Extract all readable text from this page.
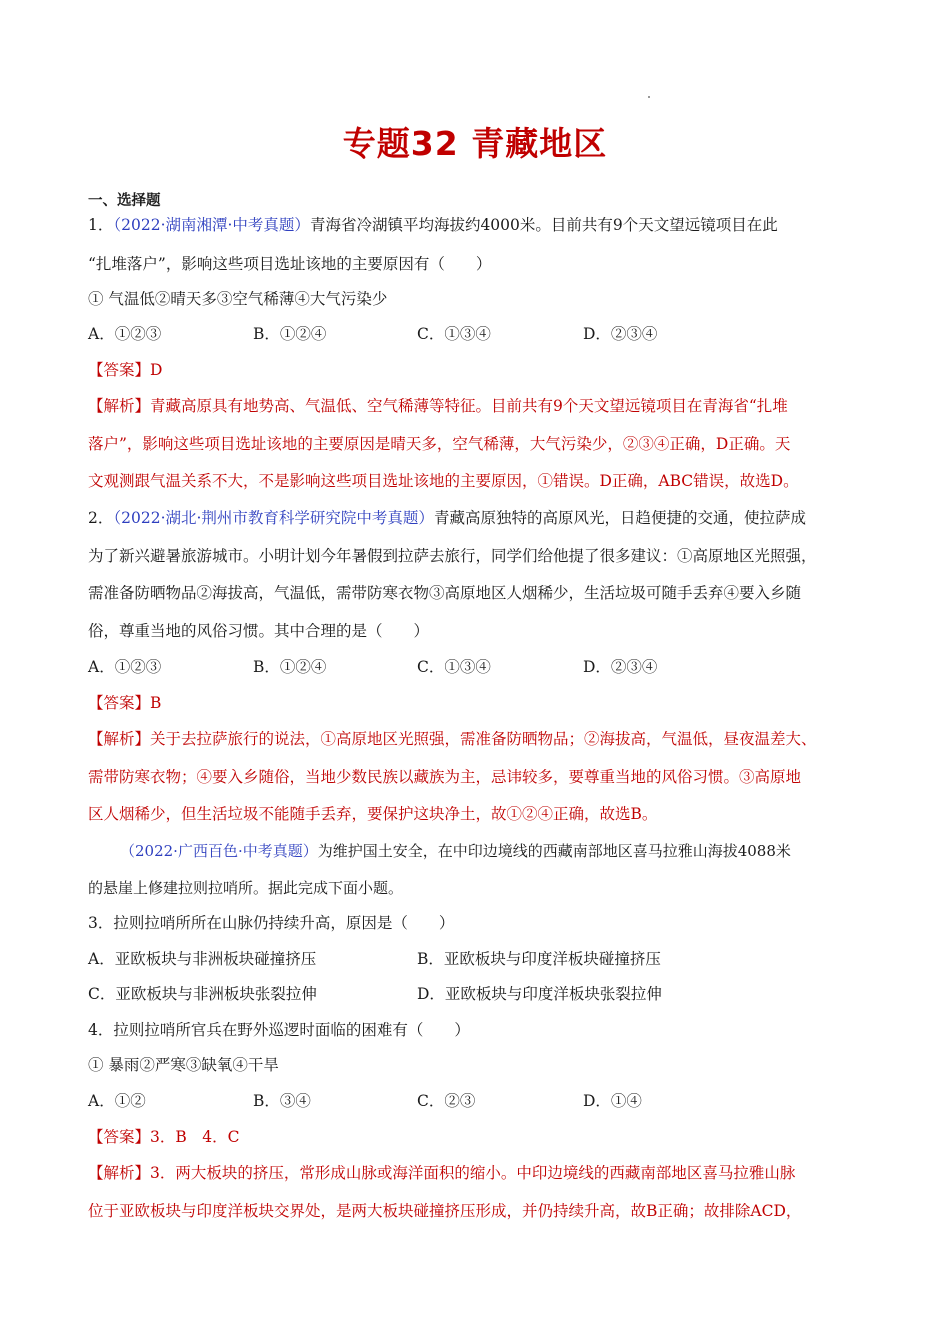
专题32 青藏地区
一、选择题
1．（2022·湖南湘潭·中考真题）青海省冷湖镇平均海拔约4000米。目前共有9个天文望远镜项目在此
“扎堆落户”，影响这些项目选址该地的主要原因有（　　）
① 气温低②晴天多③空气稀薄④大气污染少
A．①②③	B．①②④	C．①③④	D．②③④
【答案】D
【解析】青藏高原具有地势高、气温低、空气稀薄等特征。目前共有9个天文望远镜项目在青海省“扎堆
落户”，影响这些项目选址该地的主要原因是晴天多，空气稀薄，大气污染少，②③④正确，D正确。天
文观测跟气温关系不大，不是影响这些项目选址该地的主要原因，①错误。D正确，ABC错误，故选D。
2．（2022·湖北·荆州市教育科学研究院中考真题）青藏高原独特的高原风光，日趋便捷的交通，使拉萨成
为了新兴避暑旅游城市。小明计划今年暑假到拉萨去旅行，同学们给他提了很多建议：①高原地区光照强，
需准备防晒物品②海拔高，气温低，需带防寒衣物③高原地区人烟稀少，生活垃圾可随手丢弃④要入乡随
俗，尊重当地的风俗习惯。其中合理的是（　　）
A．①②③	B．①②④	C．①③④	D．②③④
【答案】B
【解析】关于去拉萨旅行的说法，①高原地区光照强，需准备防晒物品；②海拔高，气温低，昼夜温差大、
需带防寒衣物；④要入乡随俗，当地少数民族以藏族为主，忌讳较多，要尊重当地的风俗习惯。③高原地
区人烟稀少，但生活垃圾不能随手丢弃，要保护这块净土，故①②④正确，故选B。
（2022·广西百色·中考真题）为维护国土安全，在中印边境线的西藏南部地区喜马拉雅山海拔4088米
的悬崖上修建拉则拉哨所。据此完成下面小题。
3．拉则拉哨所所在山脉仍持续升高，原因是（　　）
A．亚欧板块与非洲板块碰撞挤压	B．亚欧板块与印度洋板块碰撞挤压
C．亚欧板块与非洲板块张裂拉伸	D．亚欧板块与印度洋板块张裂拉伸
4．拉则拉哨所官兵在野外巡逻时面临的困难有（　　）
① 暴雨②严寒③缺氧④干旱
A．①②	B．③④	C．②③	D．①④
【答案】3．B　4．C
【解析】3．两大板块的挤压，常形成山脉或海洋面积的缩小。中印边境线的西藏南部地区喜马拉雅山脉
位于亚欧板块与印度洋板块交界处，是两大板块碰撞挤压形成，并仍持续升高，故B正确；故排除ACD，
